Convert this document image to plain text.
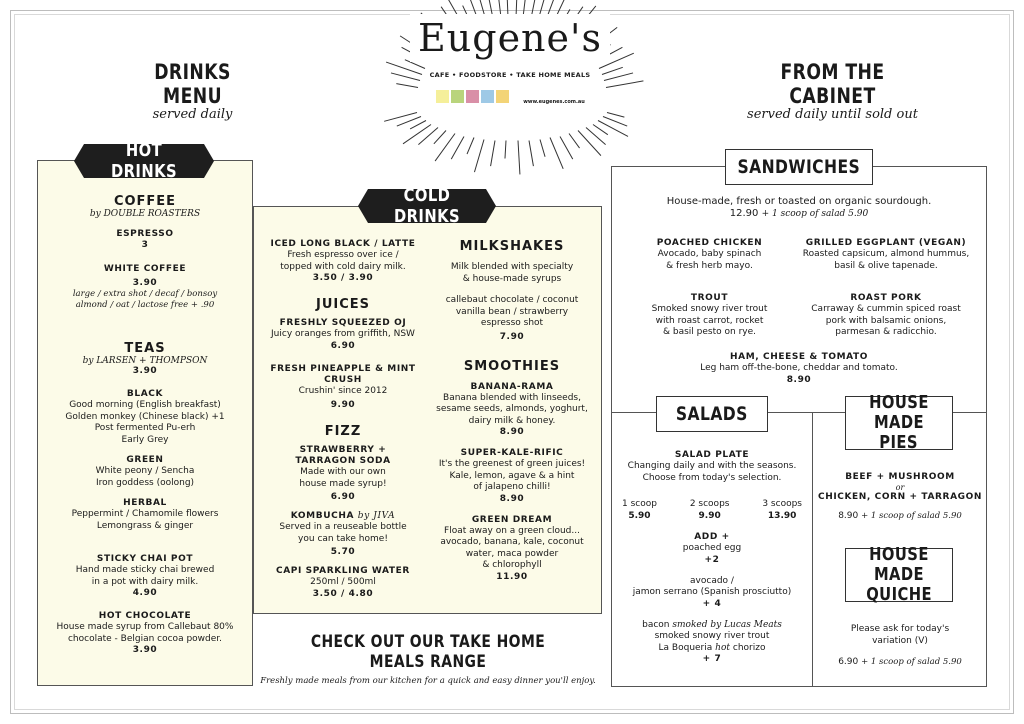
Eugene's CAFE • FOODSTORE • TAKE HOME MEALS  www.eugenes.com.au
DRINKS MENU
served daily
FROM THE CABINET
served daily until sold out
HOT DRINKS
COFFEE
by DOUBLE ROASTERS
ESPRESSO
3
WHITE COFFEE
3.90
large / extra shot / decaf / bonsoy
almond / oat / lactose free + .90
TEAS
by LARSEN + THOMPSON
3.90
BLACK
Good morning (English breakfast)
Golden monkey (Chinese black) +1
Post fermented Pu-erh
Early Grey
GREEN
White peony / Sencha
Iron goddess (oolong)
HERBAL
Peppermint / Chamomile flowers
Lemongrass & ginger
STICKY CHAI POT
Hand made sticky chai brewed
in a pot with dairy milk.
4.90
HOT CHOCOLATE
House made syrup from Callebaut 80%
chocolate - Belgian cocoa powder.
3.90
COLD DRINKS
ICED LONG BLACK / LATTE
Fresh espresso over ice /
topped with cold dairy milk.
3.50 / 3.90
JUICES
FRESHLY SQUEEZED OJ
Juicy oranges from griffith, NSW
6.90
FRESH PINEAPPLE & MINT CRUSH
Crushin' since 2012
9.90
FIZZ
STRAWBERRY +
TARRAGON SODA
Made with our own
house made syrup!
6.90
KOMBUCHA by JIVA
Served in a reuseable bottle
you can take home!
5.70
CAPI SPARKLING WATER
250ml / 500ml
3.50 / 4.80
MILKSHAKES
Milk blended with specialty
& house-made syrups
callebaut chocolate / coconut
vanilla bean / strawberry
espresso shot
7.90
SMOOTHIES
BANANA-RAMA
Banana blended with linseeds,
sesame seeds, almonds, yoghurt,
dairy milk & honey.
8.90
SUPER-KALE-RIFIC
It's the greenest of green juices!
Kale, lemon, agave & a hint
of jalapeno chilli!
8.90
GREEN DREAM
Float away on a green cloud...
avocado, banana, kale, coconut
water, maca powder
& chlorophyll
11.90
CHECK OUT OUR TAKE HOME MEALS RANGE
Freshly made meals from our kitchen for a quick and easy dinner you'll enjoy.
SANDWICHES
House-made, fresh or toasted on organic sourdough.
12.90 + 1 scoop of salad 5.90
POACHED CHICKEN
Avocado, baby spinach
& fresh herb mayo.
GRILLED EGGPLANT (VEGAN)
Roasted capsicum, almond hummus,
basil & olive tapenade.
TROUT
Smoked snowy river trout
with roast carrot, rocket
& basil pesto on rye.
ROAST PORK
Carraway & cummin spiced roast
pork with balsamic onions,
parmesan & radicchio.
HAM, CHEESE & TOMATO
Leg ham off-the-bone, cheddar and tomato.
8.90
SALADS
SALAD PLATE
Changing daily and with the seasons.
Choose from today's selection.
1 scoop
5.90
2 scoops
9.90
3 scoops
13.90
ADD +
poached egg
+2
avocado /
jamon serrano (Spanish prosciutto)
+ 4
bacon smoked by Lucas Meats
smoked snowy river trout
La Boqueria hot chorizo
+ 7
HOUSE MADE
PIES
BEEF + MUSHROOM
or
CHICKEN, CORN + TARRAGON
8.90 + 1 scoop of salad 5.90
HOUSE MADE
QUICHE
Please ask for today's
variation (V)
6.90 + 1 scoop of salad 5.90
